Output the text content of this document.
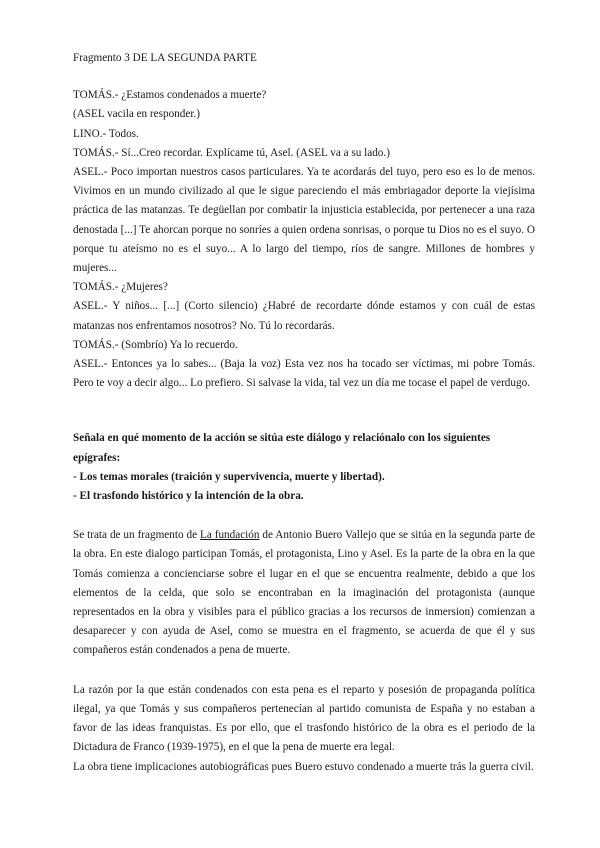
Fragmento 3 DE LA SEGUNDA PARTE

TOMÁS.- ¿Estamos condenados a muerte?

(ASEL vacila en responder.)

LINO.- Todos.

TOMÁS.- Sí...Creo recordar. Explícame tú, Asel. (ASEL va a su lado.)

ASEL.- Poco importan nuestros casos particulares. Ya te acordarás del tuyo, pero eso es lo de menos. Vivimos en un mundo civilizado al que le sigue pareciendo el más embriagador deporte la viejísima práctica de las matanzas. Te degüellan por combatir la injusticia establecida, por pertenecer a una raza denostada [...] Te ahorcan porque no sonríes a quien ordena sonrisas, o porque tu Dios no es el suyo. O porque tu ateísmo no es el suyo... A lo largo del tiempo, ríos de sangre. Millones de hombres y mujeres...

TOMÁS.- ¿Mujeres?

ASEL.- Y niños... [...] (Corto silencio) ¿Habré de recordarte dónde estamos y con cuál de estas matanzas nos enfrentamos nosotros? No. Tú lo recordarás.

TOMÁS.- (Sombrío) Ya lo recuerdo.

ASEL.- Entonces ya lo sabes... (Baja la voz) Esta vez nos ha tocado ser víctimas, mi pobre Tomás. Pero te voy a decir algo... Lo prefiero. Si salvase la vida, tal vez un día me tocase el papel de verdugo.

Señala en qué momento de la acción se sitúa este diálogo y relaciónalo con los siguientes epígrafes:

- Los temas morales (traición y supervivencia, muerte y libertad).

- El trasfondo histórico y la intención de la obra.

Se trata de un fragmento de La fundación de Antonio Buero Vallejo que se sitúa en la segunda parte de la obra. En este dialogo participan Tomás, el protagonista, Lino y Asel. Es la parte de la obra en la que Tomás comienza a concienciarse sobre el lugar en el que se encuentra realmente, debido a que los elementos de la celda, que solo se encontraban en la imaginación del protagonista (aunque representados en la obra y visibles para el público gracias a los recursos de inmersion) comienzan a desaparecer y con ayuda de Asel, como se muestra en el fragmento, se acuerda de que él y sus compañeros están condenados a pena de muerte.

La razón por la que están condenados con esta pena es el reparto y posesión de propaganda política ilegal, ya que Tomás y sus compañeros pertenecían al partido comunista de España y no estaban a favor de las ideas franquistas. Es por ello, que el trasfondo histórico de la obra es el periodo de la Dictadura de Franco (1939-1975), en el que la pena de muerte era legal.

La obra tiene implicaciones autobiográficas pues Buero estuvo condenado a muerte trás la guerra civil.
